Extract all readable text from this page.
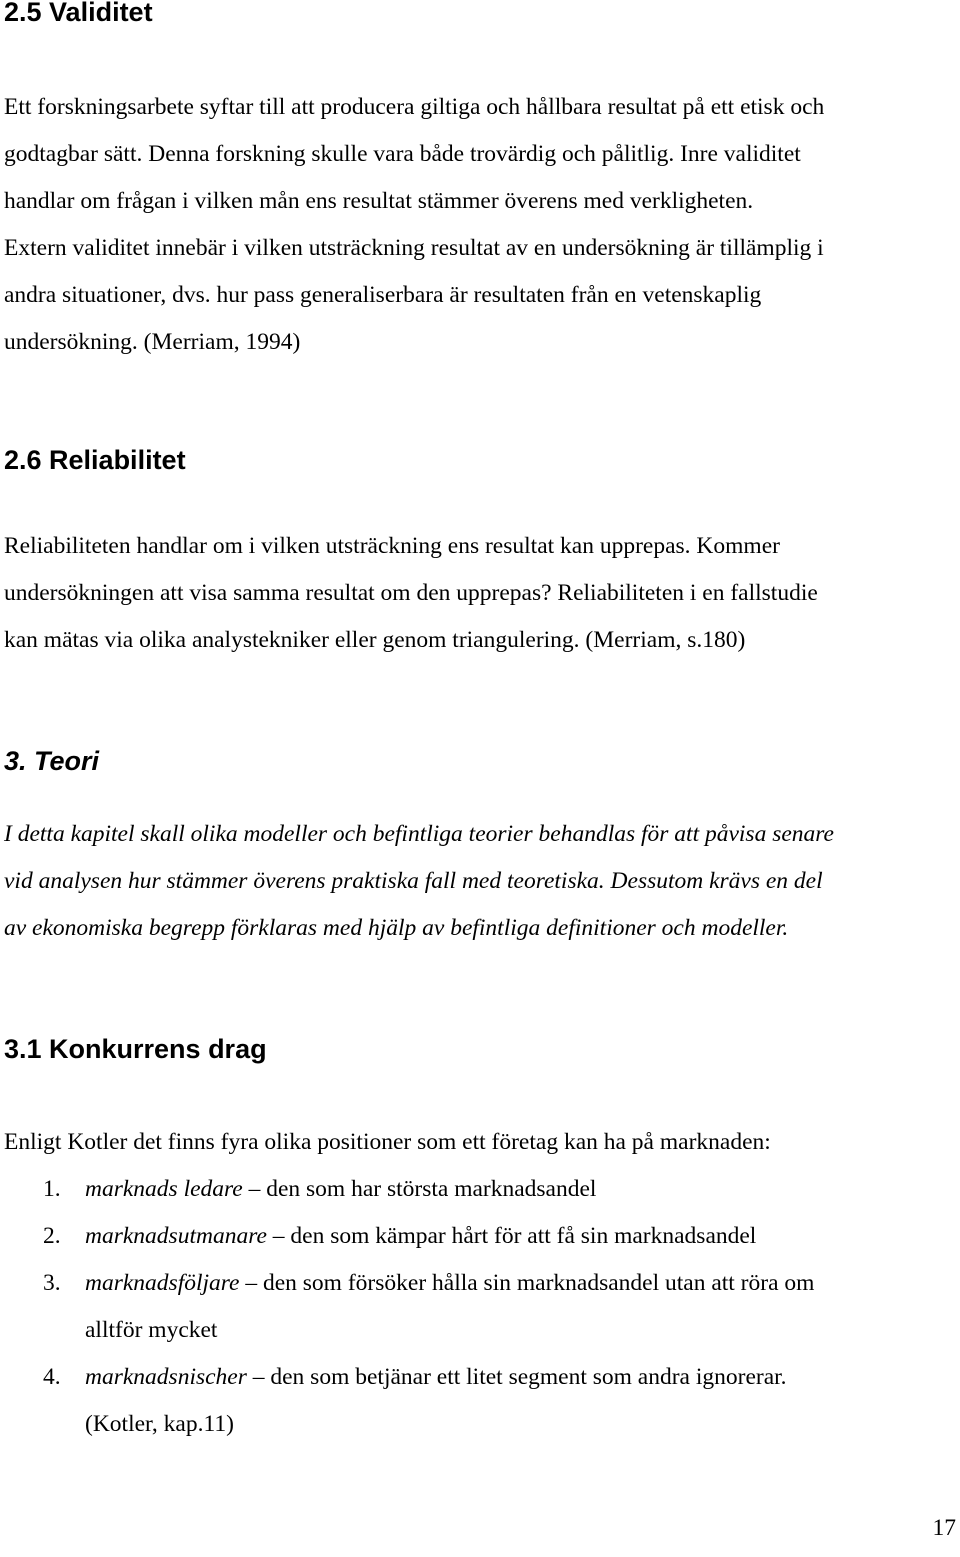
2.5 Validitet

Ett forskningsarbete syftar till att producera giltiga och hållbara resultat på ett etisk och
godtagbar sätt. Denna forskning skulle vara både trovärdig och pålitlig. Inre validitet
handlar om frågan i vilken mån ens resultat stämmer överens med verkligheten.
Extern validitet innebär i vilken utsträckning resultat av en undersökning är tillämplig i
andra situationer, dvs. hur pass generaliserbara är resultaten från en vetenskaplig
undersökning. (Merriam, 1994)

2.6 Reliabilitet

Reliabiliteten handlar om i vilken utsträckning ens resultat kan upprepas. Kommer
undersökningen att visa samma resultat om den upprepas? Reliabiliteten i en fallstudie
kan mätas via olika analystekniker eller genom triangulering. (Merriam, s.180)

3. Teori

I detta kapitel skall olika modeller och befintliga teorier behandlas för att påvisa senare
vid analysen hur stämmer överens praktiska fall med teoretiska. Dessutom krävs en del
av ekonomiska begrepp förklaras med hjälp av befintliga definitioner och modeller.

3.1 Konkurrens drag

Enligt Kotler det finns fyra olika positioner som ett företag kan ha på marknaden:

1. marknads ledare – den som har största marknadsandel
2. marknadsutmanare – den som kämpar hårt för att få sin marknadsandel
3. marknadsföljare – den som försöker hålla sin marknadsandel utan att röra om
alltför mycket
4. marknadsnischer – den som betjänar ett litet segment som andra ignorerar.
(Kotler, kap.11)

17
